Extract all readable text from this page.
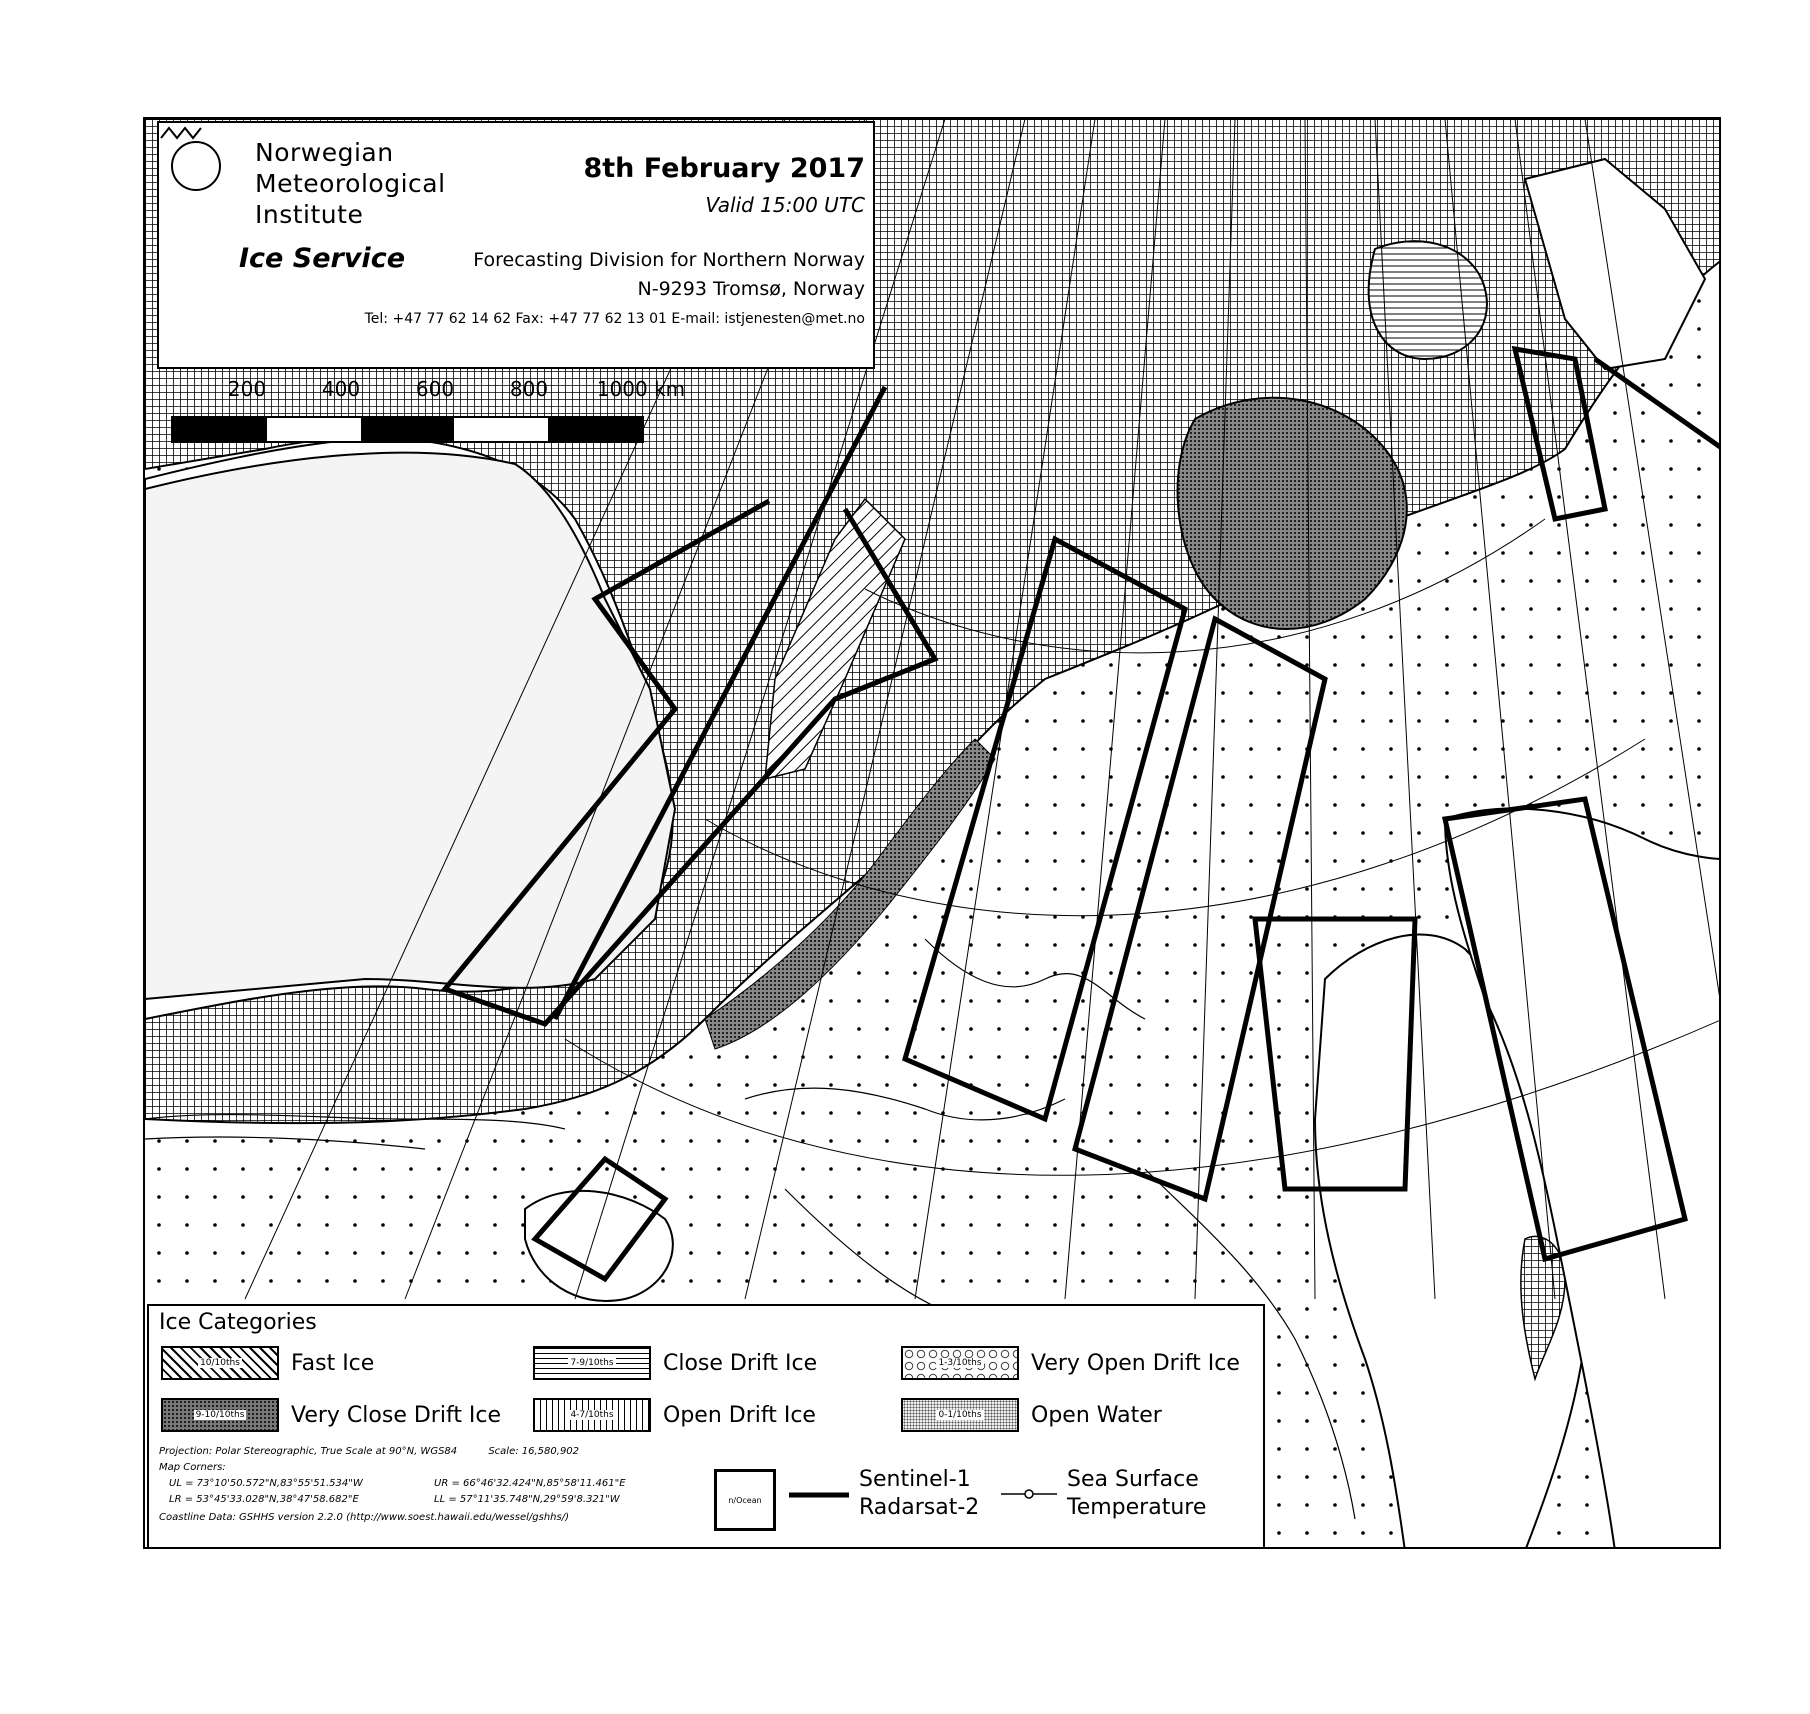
Norwegian
Meteorological
Institute
8th February 2017
Valid 15:00 UTC
Ice Service	Forecasting Division for Northern Norway
N-9293 Tromsø, Norway
Tel: +47 77 62 14 62 Fax: +47 77 62 13 01 E-mail: istjenesten@met.no
200	400	600	800 1000 km
Ice Categories
10/10ths Fast Ice	7-9/10ths Close Drift Ice	1-3/10ths Very Open Drift Ice
9-10/10ths Very Close Drift Ice	4-7/10ths Open Drift Ice	0-1/10ths Open Water
Projection: Polar Stereographic, True Scale at 90°N, WGS84	Scale: 16,580,902
Map Corners:
UL = 73°10'50.572"N,83°55'51.534"W	UR = 66°46'32.424"N,85°58'11.461"E
LR = 53°45'33.028"N,38°47'58.682"E	LL = 57°11'35.748"N,29°59'8.321"W
Coastline Data: GSHHS version 2.2.0 (http://www.soest.hawaii.edu/wessel/gshhs/)
n/Ocean
Sentinel-1
Radarsat-2
Sea Surface
Temperature
